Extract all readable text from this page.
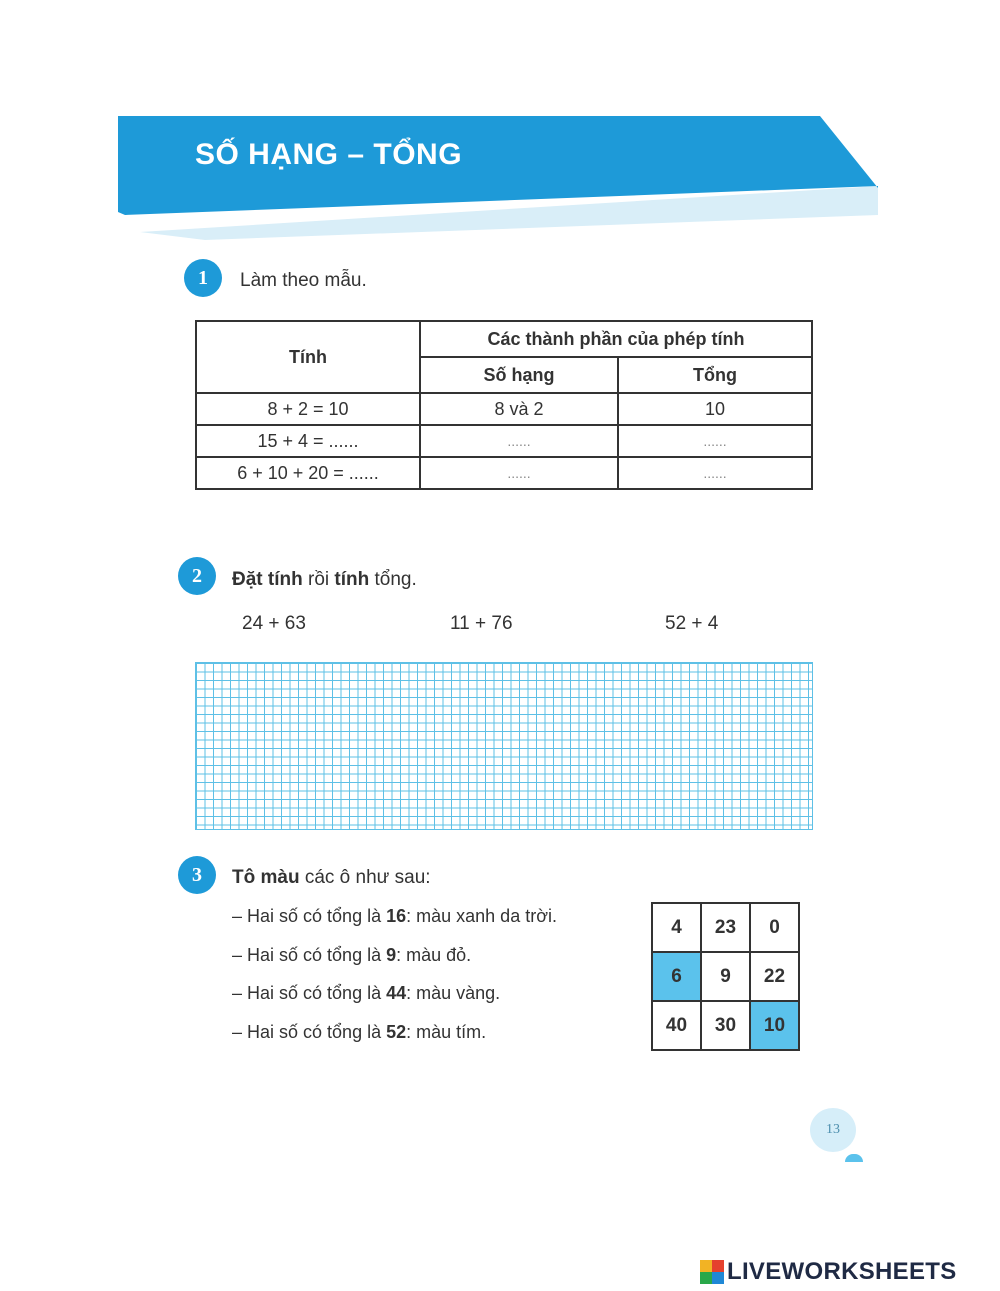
SỐ HẠNG – TỔNG
1	Làm theo mẫu.
Tính	Các thành phần của phép tính	
	Số hạng	Tổng
8 + 2 = 10	8 và 2	10
15 + 4 = ......	......	......
6 + 10 + 20 = ......	......	......
2	Đặt tính rồi tính tổng.
24 + 63	11 + 76	52 + 4
3	Tô màu các ô như sau:
– Hai số có tổng là 16: màu xanh da trời.
– Hai số có tổng là 9: màu đỏ.
– Hai số có tổng là 44: màu vàng.
– Hai số có tổng là 52: màu tím.
4	23	0
6	9	22
40	30	10
13
LIVEWORKSHEETS
